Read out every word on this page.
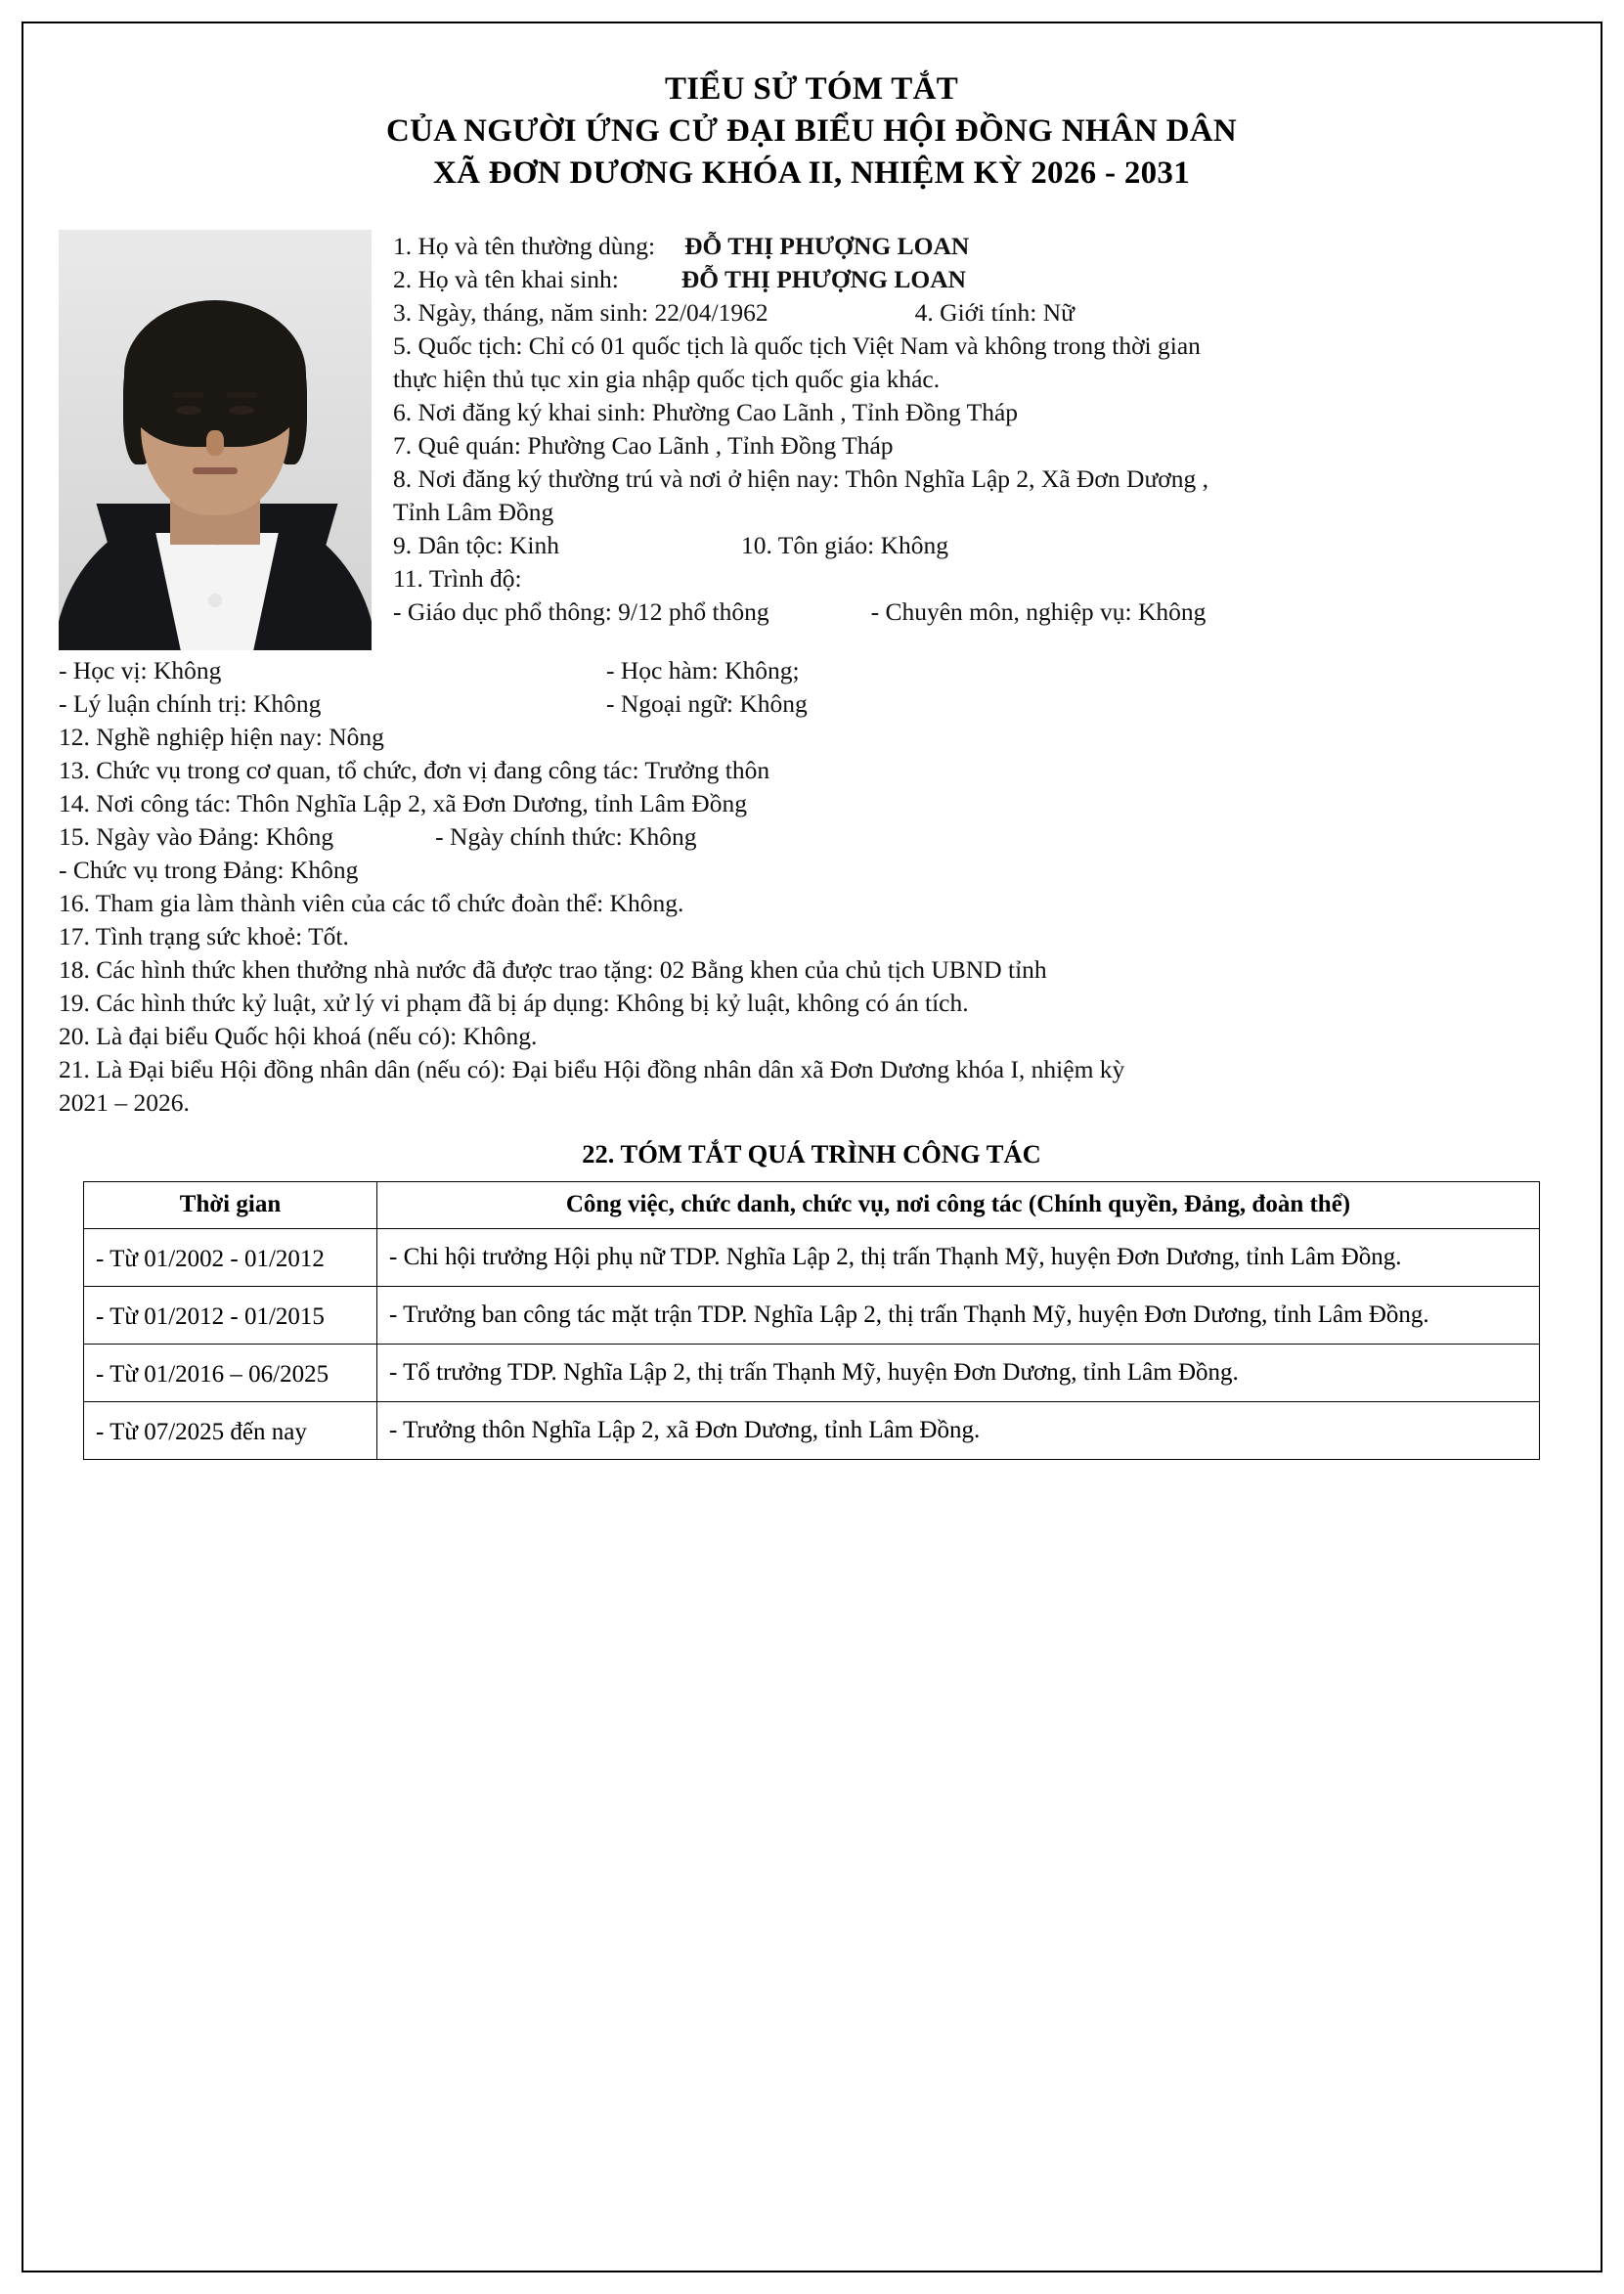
TIỂU SỬ TÓM TẮT
CỦA NGƯỜI ỨNG CỬ ĐẠI BIỂU HỘI ĐỒNG NHÂN DÂN
XÃ ĐƠN DƯƠNG KHÓA II, NHIỆM KỲ 2026 - 2031
1. Họ và tên thường dùng: ĐỖ THỊ PHƯỢNG LOAN
2. Họ và tên khai sinh:	ĐỖ THỊ PHƯỢNG LOAN
3. Ngày, tháng, năm sinh: 22/04/1962	4. Giới tính: Nữ
5. Quốc tịch: Chỉ có 01 quốc tịch là quốc tịch Việt Nam và không trong thời gian
thực hiện thủ tục xin gia nhập quốc tịch quốc gia khác.
6. Nơi đăng ký khai sinh: Phường Cao Lãnh , Tỉnh Đồng Tháp
7. Quê quán: Phường Cao Lãnh , Tỉnh Đồng Tháp
8. Nơi đăng ký thường trú và nơi ở hiện nay: Thôn Nghĩa Lập 2, Xã Đơn Dương ,
Tỉnh Lâm Đồng
9. Dân tộc: Kinh	10. Tôn giáo: Không
11. Trình độ:
- Giáo dục phổ thông: 9/12 phổ thông	- Chuyên môn, nghiệp vụ: Không
- Học vị: Không	- Học hàm: Không;
- Lý luận chính trị: Không	- Ngoại ngữ: Không
12. Nghề nghiệp hiện nay: Nông
13. Chức vụ trong cơ quan, tổ chức, đơn vị đang công tác: Trưởng thôn
14. Nơi công tác: Thôn Nghĩa Lập 2, xã Đơn Dương, tỉnh Lâm Đồng
15. Ngày vào Đảng: Không	- Ngày chính thức: Không
- Chức vụ trong Đảng: Không
16. Tham gia làm thành viên của các tổ chức đoàn thể: Không.
17. Tình trạng sức khoẻ: Tốt.
18. Các hình thức khen thưởng nhà nước đã được trao tặng: 02 Bằng khen của chủ tịch UBND tỉnh
19. Các hình thức kỷ luật, xử lý vi phạm đã bị áp dụng: Không bị kỷ luật, không có án tích.
20. Là đại biểu Quốc hội khoá (nếu có): Không.
21. Là Đại biểu Hội đồng nhân dân (nếu có): Đại biểu Hội đồng nhân dân xã Đơn Dương khóa I, nhiệm kỳ
2021 – 2026.
22. TÓM TẮT QUÁ TRÌNH CÔNG TÁC
Thời gian	Công việc, chức danh, chức vụ, nơi công tác (Chính quyền, Đảng, đoàn thể)
- Từ 01/2002 - 01/2012	- Chi hội trưởng Hội phụ nữ TDP. Nghĩa Lập 2, thị trấn Thạnh Mỹ, huyện Đơn Dương, tỉnh Lâm Đồng.
- Từ 01/2012 - 01/2015	- Trưởng ban công tác mặt trận TDP. Nghĩa Lập 2, thị trấn Thạnh Mỹ, huyện Đơn Dương, tỉnh Lâm Đồng.
- Từ 01/2016 – 06/2025	- Tổ trưởng TDP. Nghĩa Lập 2, thị trấn Thạnh Mỹ, huyện Đơn Dương, tỉnh Lâm Đồng.
- Từ 07/2025 đến nay	- Trưởng thôn Nghĩa Lập 2, xã Đơn Dương, tỉnh Lâm Đồng.
